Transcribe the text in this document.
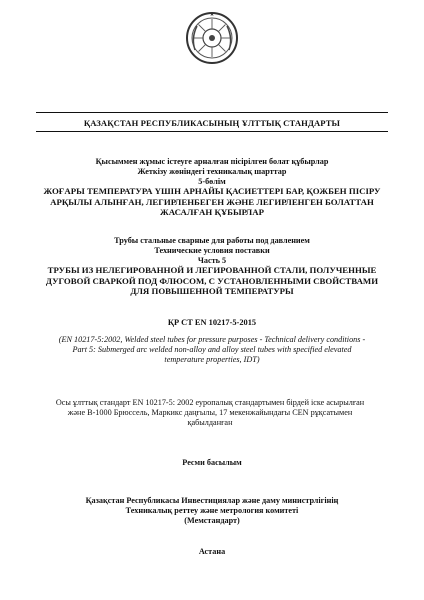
ҚАЗАҚСТАН РЕСПУБЛИКАСЫНЫҢ ҰЛТТЫҚ СТАНДАРТЫ
Қысыммен жұмыс істеуге арналған пісірілген болат құбырлар
Жеткізу жөніндегі техникалық шарттар
5-бөлім
ЖОҒАРЫ ТЕМПЕРАТУРА ҮШІН АРНАЙЫ ҚАСИЕТТЕРІ БАР, ҚОЖБЕН ПІСІРУ
АРҚЫЛЫ АЛЫНҒАН, ЛЕГИРЛЕНБЕГЕН ЖӘНЕ ЛЕГИРЛЕНГЕН БОЛАТТАН
ЖАСАЛҒАН ҚҰБЫРЛАР
Трубы стальные сварные для работы под давлением
Технические условия поставки
Часть 5
ТРУБЫ ИЗ НЕЛЕГИРОВАННОЙ И ЛЕГИРОВАННОЙ СТАЛИ, ПОЛУЧЕННЫЕ
ДУГОВОЙ СВАРКОЙ ПОД ФЛЮСОМ, С УСТАНОВЛЕННЫМИ СВОЙСТВАМИ
ДЛЯ ПОВЫШЕННОЙ ТЕМПЕРАТУРЫ
ҚР СТ EN 10217-5-2015
(EN 10217-5:2002, Welded steel tubes for pressure purposes - Technical delivery conditions -
Part 5: Submerged arc welded non-alloy and alloy steel tubes with specified elevated
temperature properties, IDT)
Осы ұлттық стандарт EN 10217-5: 2002 еуропалық стандартымен бірдей іске асырылған
және В-1000 Брюссель, Маркикс даңғылы, 17 мекенжайындағы CEN рұқсатымен
қабылданған
Ресми басылым
Қазақстан Республикасы Инвестициялар және даму министрлігінің
Техникалық реттеу және метрология комитеті
(Мемстандарт)
Астана
